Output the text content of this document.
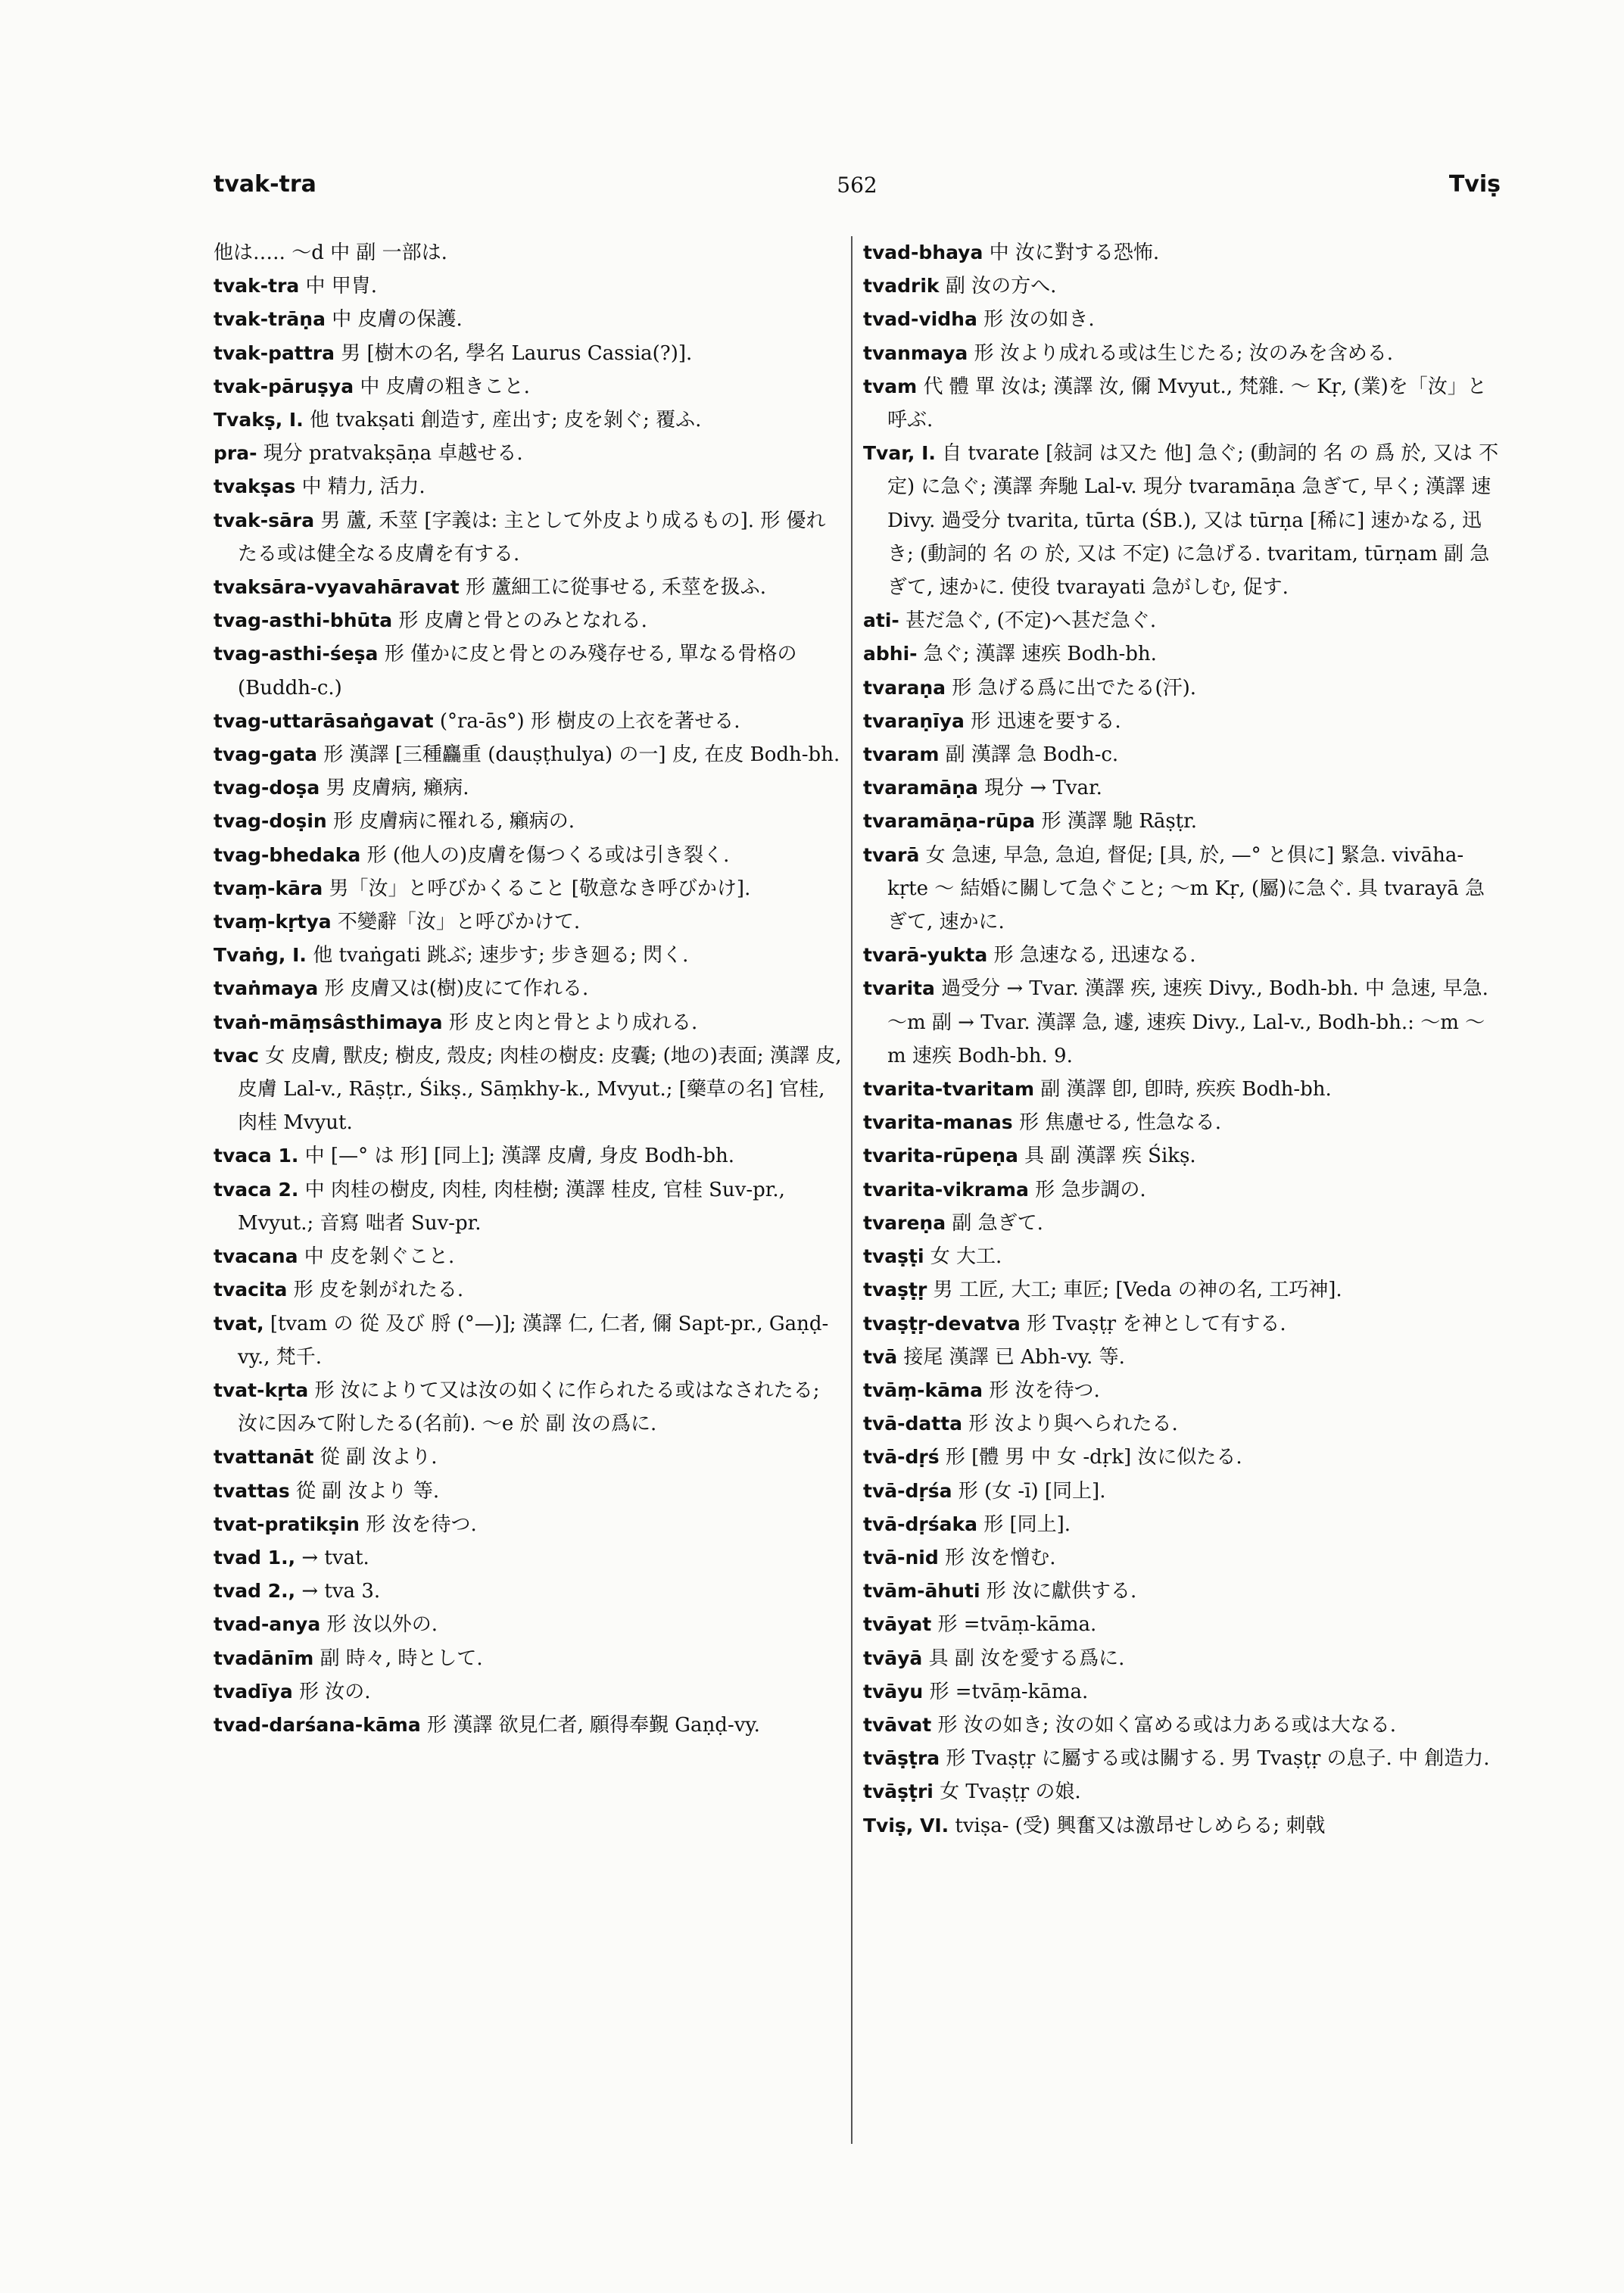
tvak-tra	562	Tviṣ

他は‥‥. 〜d 中 副 一部は.

tvak-tra 中 甲冑.

tvak-trāṇa 中 皮膚の保護.

tvak-pattra 男 [樹木の名, 學名 Laurus Cassia(?)].

tvak-pāruṣya 中 皮膚の粗きこと.

Tvakṣ, I. 他 tvakṣati 創造す, 産出す; 皮を剝ぐ; 覆ふ.

pra- 現分 pratvakṣāṇa 卓越せる.

tvakṣas 中 精力, 活力.

tvak-sāra 男 蘆, 禾莖 [字義は: 主として外皮より成るもの]. 形 優れたる或は健全なる皮膚を有する.

tvaksāra-vyavahāravat 形 蘆細工に從事せる, 禾莖を扱ふ.

tvag-asthi-bhūta 形 皮膚と骨とのみとなれる.

tvag-asthi-śeṣa 形 僅かに皮と骨とのみ殘存せる, 單なる骨格の (Buddh-c.)

tvag-uttarāsaṅgavat (°ra-ās°) 形 樹皮の上衣を著せる.

tvag-gata 形 漢譯 [三種麤重 (dauṣṭhulya) の一] 皮, 在皮 Bodh-bh.

tvag-doṣa 男 皮膚病, 癩病.

tvag-doṣin 形 皮膚病に罹れる, 癩病の.

tvag-bhedaka 形 (他人の)皮膚を傷つくる或は引き裂く.

tvaṃ-kāra 男「汝」と呼びかくること [敬意なき呼びかけ].

tvaṃ-kṛtya 不變辭「汝」と呼びかけて.

Tvaṅg, I. 他 tvaṅgati 跳ぶ; 速步す; 步き廻る; 閃く.

tvaṅmaya 形 皮膚又は(樹)皮にて作れる.

tvaṅ-māṃsâsthimaya 形 皮と肉と骨とより成れる.

tvac 女 皮膚, 獸皮; 樹皮, 殼皮; 肉桂の樹皮: 皮囊; (地の)表面; 漢譯 皮, 皮膚 Lal-v., Rāṣṭr., Śikṣ., Sāṃkhy-k., Mvyut.; [藥草の名] 官桂, 肉桂 Mvyut.

tvaca 1. 中 [—° は 形] [同上]; 漢譯 皮膚, 身皮 Bodh-bh.

tvaca 2. 中 肉桂の樹皮, 肉桂, 肉桂樹; 漢譯 桂皮, 官桂 Suv-pr., Mvyut.; 音寫 咄者 Suv-pr.

tvacana 中 皮を剝ぐこと.

tvacita 形 皮を剝がれたる.

tvat, [tvam の 從 及び 脟 (°—)]; 漢譯 仁, 仁者, 儞 Sapt-pr., Gaṇḍ-vy., 梵千.

tvat-kṛta 形 汝によりて又は汝の如くに作られたる或はなされたる; 汝に因みて附したる(名前). 〜e 於 副 汝の爲に.

tvattanāt 從 副 汝より.

tvattas 從 副 汝より 等.

tvat-pratikṣin 形 汝を待つ.

tvad 1., → tvat.

tvad 2., → tva 3.

tvad-anya 形 汝以外の.

tvadānīm 副 時々, 時として.

tvadīya 形 汝の.

tvad-darśana-kāma 形 漢譯 欲見仁者, 願得奉覲 Gaṇḍ-vy.

tvad-bhaya 中 汝に對する恐怖.

tvadrik 副 汝の方へ.

tvad-vidha 形 汝の如き.

tvanmaya 形 汝より成れる或は生じたる; 汝のみを含める.

tvam 代 體 單 汝は; 漢譯 汝, 儞 Mvyut., 梵雜. 〜 Kṛ, (業)を「汝」と呼ぶ.

Tvar, I. 自 tvarate [敍詞 は又た 他] 急ぐ; (動詞的 名 の 爲 於, 又は 不定) に急ぐ; 漢譯 奔馳 Lal-v. 現分 tvaramāṇa 急ぎて, 早く; 漢譯 速 Divy. 過受分 tvarita, tūrta (ŚB.), 又は tūrṇa [稀に] 速かなる, 迅き; (動詞的 名 の 於, 又は 不定) に急げる. tvaritam, tūrṇam 副 急ぎて, 速かに. 使役 tvarayati 急がしむ, 促す.

ati- 甚だ急ぐ, (不定)へ甚だ急ぐ.

abhi- 急ぐ; 漢譯 速疾 Bodh-bh.

tvaraṇa 形 急げる爲に出でたる(汗).

tvaraṇīya 形 迅速を要する.

tvaram 副 漢譯 急 Bodh-c.

tvaramāṇa 現分 → Tvar.

tvaramāṇa-rūpa 形 漢譯 馳 Rāṣṭr.

tvarā 女 急速, 早急, 急迫, 督促; [具, 於, —° と倶に] 緊急. vivāha-kṛte 〜 結婚に關して急ぐこと; 〜m Kṛ, (屬)に急ぐ. 具 tvarayā 急ぎて, 速かに.

tvarā-yukta 形 急速なる, 迅速なる.

tvarita 過受分 → Tvar. 漢譯 疾, 速疾 Divy., Bodh-bh. 中 急速, 早急. 〜m 副 → Tvar. 漢譯 急, 遽, 速疾 Divy., Lal-v., Bodh-bh.: 〜m 〜m 速疾 Bodh-bh. 9.

tvarita-tvaritam 副 漢譯 卽, 卽時, 疾疾 Bodh-bh.

tvarita-manas 形 焦慮せる, 性急なる.

tvarita-rūpeṇa 具 副 漢譯 疾 Śikṣ.

tvarita-vikrama 形 急步調の.

tvareṇa 副 急ぎて.

tvaṣṭi 女 大工.

tvaṣṭṛ 男 工匠, 大工; 車匠; [Veda の神の名, 工巧神].

tvaṣṭṛ-devatva 形 Tvaṣṭṛ を神として有する.

tvā 接尾 漢譯 已 Abh-vy. 等.

tvāṃ-kāma 形 汝を待つ.

tvā-datta 形 汝より與へられたる.

tvā-dṛś 形 [體 男 中 女 -dṛk] 汝に似たる.

tvā-dṛśa 形 (女 -ī) [同上].

tvā-dṛśaka 形 [同上].

tvā-nid 形 汝を憎む.

tvām-āhuti 形 汝に獻供する.

tvāyat 形 =tvāṃ-kāma.

tvāyā 具 副 汝を愛する爲に.

tvāyu 形 =tvāṃ-kāma.

tvāvat 形 汝の如き; 汝の如く富める或は力ある或は大なる.

tvāṣṭra 形 Tvaṣṭṛ に屬する或は關する. 男 Tvaṣṭṛ の息子. 中 創造力.

tvāṣṭri 女 Tvaṣṭṛ の娘.

Tviṣ, VI. tviṣa- (受) 興奮又は激昂せしめらる; 刺戟
